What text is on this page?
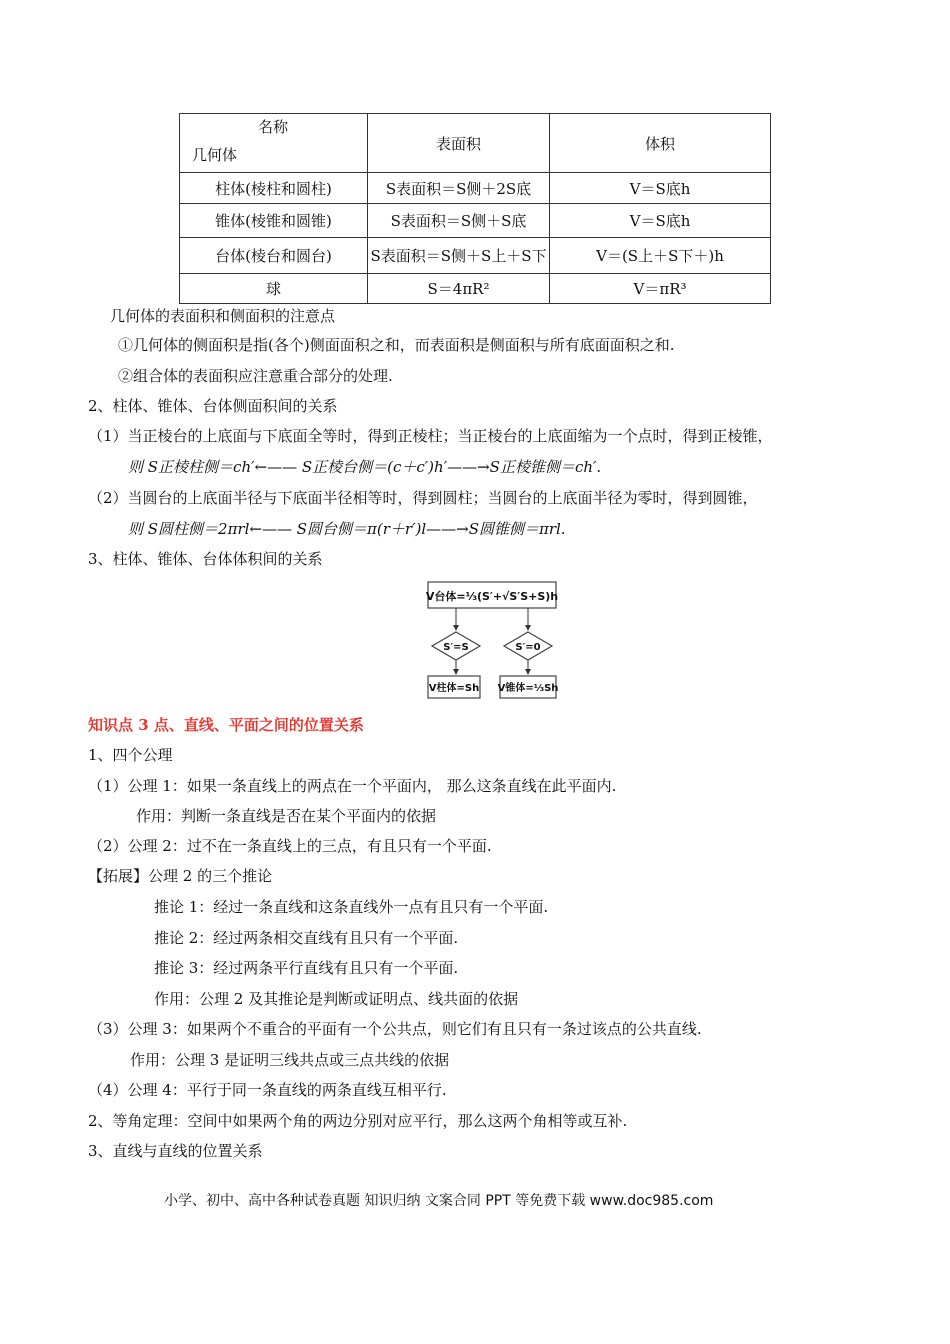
名称
几何体	表面积	体积
柱体(棱柱和圆柱)	S表面积＝S侧＋2S底	V＝S底h
锥体(棱锥和圆锥)	S表面积＝S侧＋S底	V＝S底h
台体(棱台和圆台)	S表面积＝S侧＋S上＋S下	V＝(S上＋S下＋)h
球	S＝4πR²	V＝πR³
几何体的表面积和侧面积的注意点
①几何体的侧面积是指(各个)侧面面积之和，而表面积是侧面积与所有底面面积之和.
②组合体的表面积应注意重合部分的处理.
2、柱体、锥体、台体侧面积间的关系
（1）当正棱台的上底面与下底面全等时，得到正棱柱；当正棱台的上底面缩为一个点时，得到正棱锥，
则 S正棱柱侧＝ch′←—— S正棱台侧＝(c＋c′)h′——→S正棱锥侧＝ch′.
（2）当圆台的上底面半径与下底面半径相等时，得到圆柱；当圆台的上底面半径为零时，得到圆锥，
则 S圆柱侧＝2πrl←—— S圆台侧＝π(r＋r′)l——→S圆锥侧＝πrl.
3、柱体、锥体、台体体积间的关系
V台体=⅓(S′+√S′S+S)h
S′=S	S′=0
V柱体=Sh V锥体=⅓Sh
知识点 3 点、直线、平面之间的位置关系
1、四个公理
（1）公理 1：如果一条直线上的两点在一个平面内， 那么这条直线在此平面内.
作用：判断一条直线是否在某个平面内的依据
（2）公理 2：过不在一条直线上的三点，有且只有一个平面.
【拓展】公理 2 的三个推论
推论 1：经过一条直线和这条直线外一点有且只有一个平面.
推论 2：经过两条相交直线有且只有一个平面.
推论 3：经过两条平行直线有且只有一个平面.
作用：公理 2 及其推论是判断或证明点、线共面的依据
（3）公理 3：如果两个不重合的平面有一个公共点，则它们有且只有一条过该点的公共直线.
作用：公理 3 是证明三线共点或三点共线的依据
（4）公理 4：平行于同一条直线的两条直线互相平行.
2、等角定理：空间中如果两个角的两边分别对应平行，那么这两个角相等或互补.
3、直线与直线的位置关系
小学、初中、高中各种试卷真题 知识归纳 文案合同 PPT 等免费下载 www.doc985.com
